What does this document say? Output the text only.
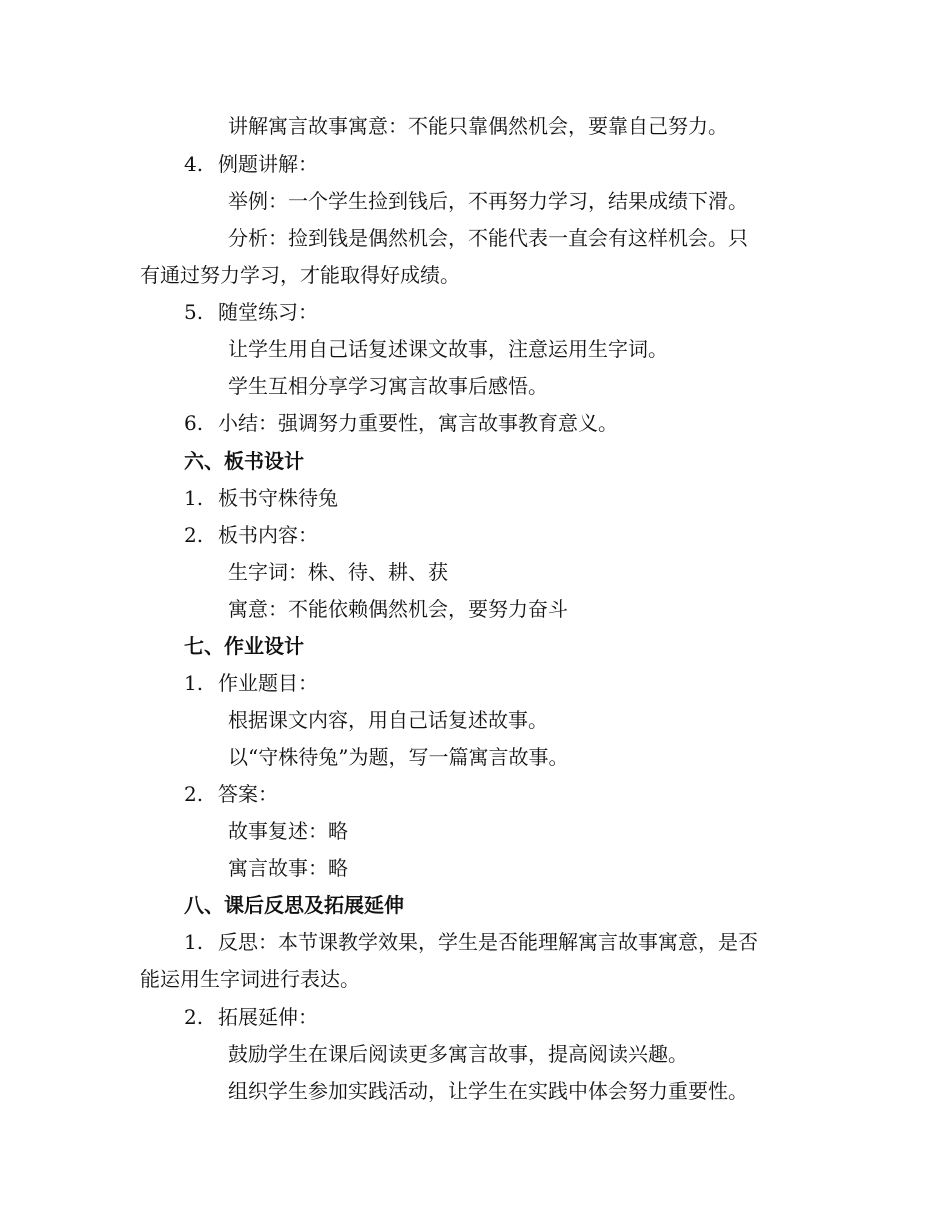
讲解寓言故事寓意：不能只靠偶然机会，要靠自己努力。
4. 例题讲解：
举例：一个学生捡到钱后，不再努力学习，结果成绩下滑。
分析：捡到钱是偶然机会，不能代表一直会有这样机会。只
有通过努力学习，才能取得好成绩。
5. 随堂练习：
让学生用自己话复述课文故事，注意运用生字词。
学生互相分享学习寓言故事后感悟。
6. 小结：强调努力重要性，寓言故事教育意义。
六、板书设计
1. 板书守株待兔
2. 板书内容：
生字词：株、待、耕、获
寓意：不能依赖偶然机会，要努力奋斗
七、作业设计
1. 作业题目：
根据课文内容，用自己话复述故事。
以“守株待兔”为题，写一篇寓言故事。
2. 答案：
故事复述：略
寓言故事：略
八、课后反思及拓展延伸
1. 反思：本节课教学效果，学生是否能理解寓言故事寓意，是否
能运用生字词进行表达。
2. 拓展延伸：
鼓励学生在课后阅读更多寓言故事，提高阅读兴趣。
组织学生参加实践活动，让学生在实践中体会努力重要性。
